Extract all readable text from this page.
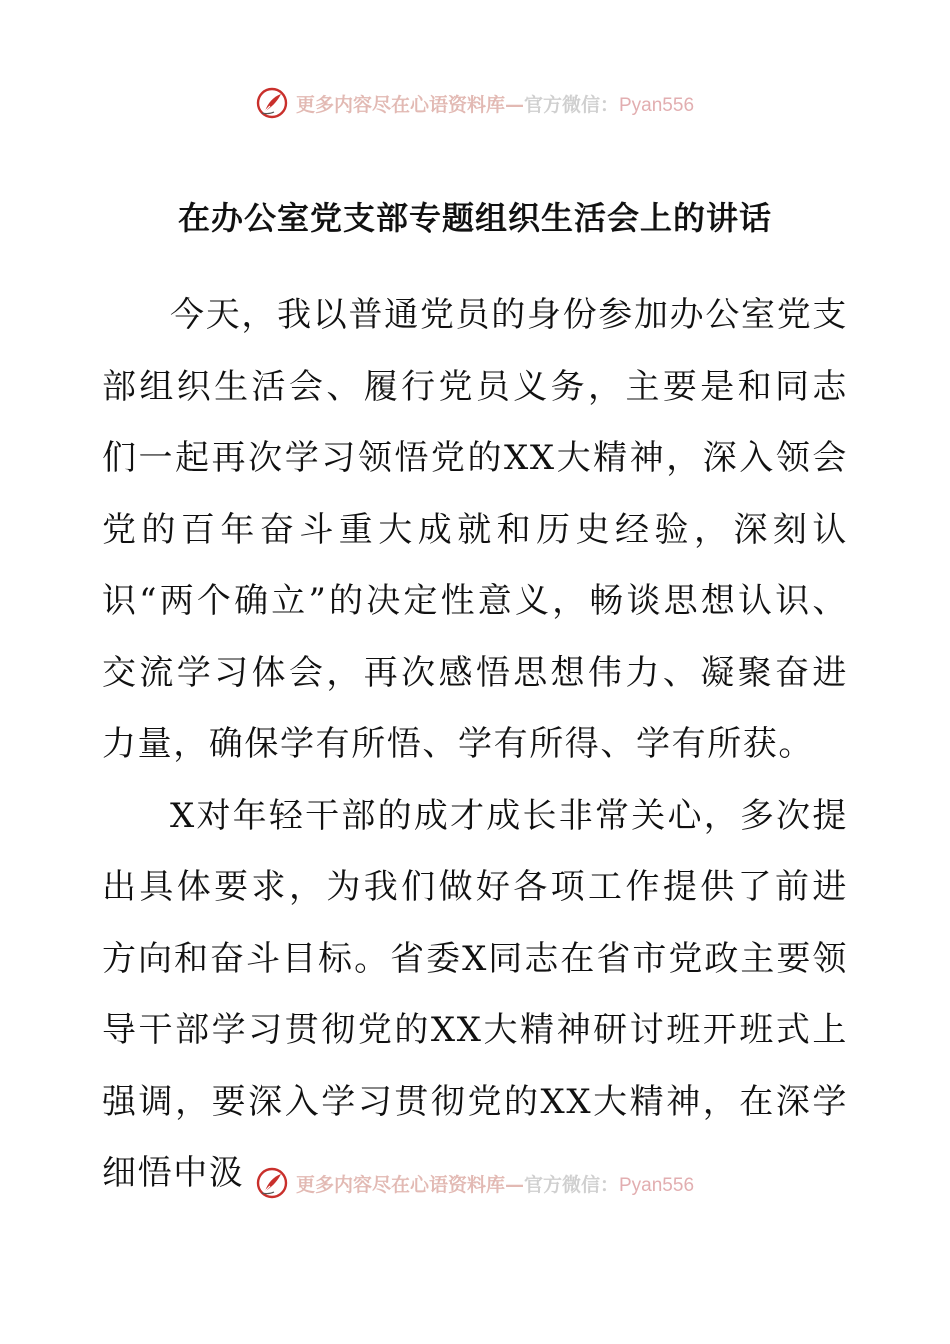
更多内容尽在心语资料库—官方微信：Pyan556
在办公室党支部专题组织生活会上的讲话

今天，我以普通党员的身份参加办公室党支部组织生活会、履行党员义务，主要是和同志们一起再次学习领悟党的XX大精神，深入领会党的百年奋斗重大成就和历史经验，深刻认识“两个确立”的决定性意义，畅谈思想认识、交流学习体会，再次感悟思想伟力、凝聚奋进力量，确保学有所悟、学有所得、学有所获。

X对年轻干部的成才成长非常关心，多次提出具体要求，为我们做好各项工作提供了前进方向和奋斗目标。省委X同志在省市党政主要领导干部学习贯彻党的XX大精神研讨班开班式上强调，要深入学习贯彻党的XX大精神，在深学细悟中汲	更多内容尽在心语资料库—官方微信：Pyan556
